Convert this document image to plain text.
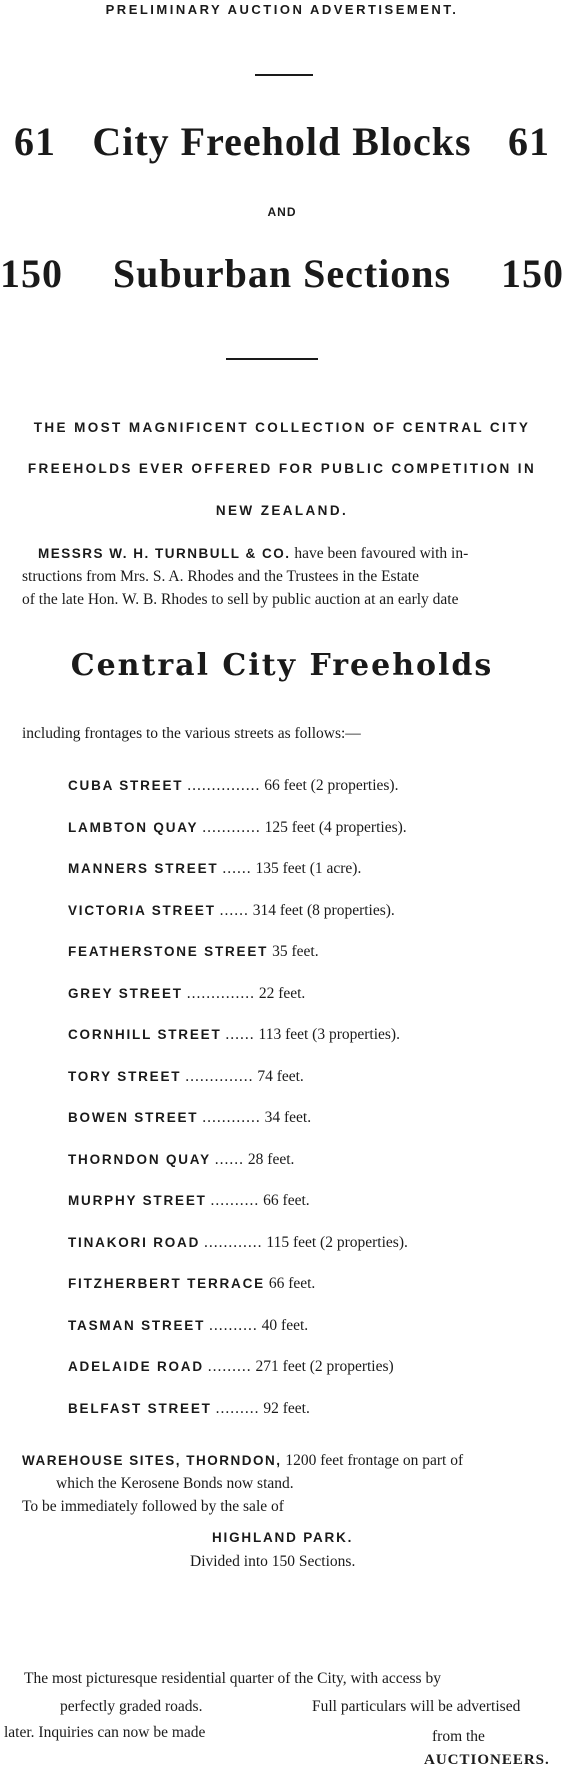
PRELIMINARY AUCTION ADVERTISEMENT.
61 City Freehold Blocks 61
AND
150 Suburban Sections 150
THE MOST MAGNIFICENT COLLECTION OF CENTRAL CITY
FREEHOLDS EVER OFFERED FOR PUBLIC COMPETITION IN
NEW ZEALAND.
MESSRS W. H. TURNBULL & CO. have been favoured with in-
structions from Mrs. S. A. Rhodes and the Trustees in the Estate
of the late Hon. W. B. Rhodes to sell by public auction at an early date
Central City Freeholds
including frontages to the various streets as follows:—
CUBA STREET ............... 66 feet (2 properties).
LAMBTON QUAY ............ 125 feet (4 properties).
MANNERS STREET ...... 135 feet (1 acre).
VICTORIA STREET ...... 314 feet (8 properties).
FEATHERSTONE STREET 35 feet.
GREY STREET .............. 22 feet.
CORNHILL STREET ...... 113 feet (3 properties).
TORY STREET .............. 74 feet.
BOWEN STREET ............ 34 feet.
THORNDON QUAY ...... 28 feet.
MURPHY STREET .......... 66 feet.
TINAKORI ROAD ............ 115 feet (2 properties).
FITZHERBERT TERRACE 66 feet.
TASMAN STREET .......... 40 feet.
ADELAIDE ROAD ......... 271 feet (2 properties)
BELFAST STREET ......... 92 feet.
WAREHOUSE SITES, THORNDON, 1200 feet frontage on part of
which the Kerosene Bonds now stand.
To be immediately followed by the sale of
HIGHLAND PARK.
Divided into 150 Sections.
The most picturesque residential quarter of the City, with access by
perfectly graded roads.	Full particulars will be advertised
later. Inquiries can now be made	from the
AUCTIONEERS.
